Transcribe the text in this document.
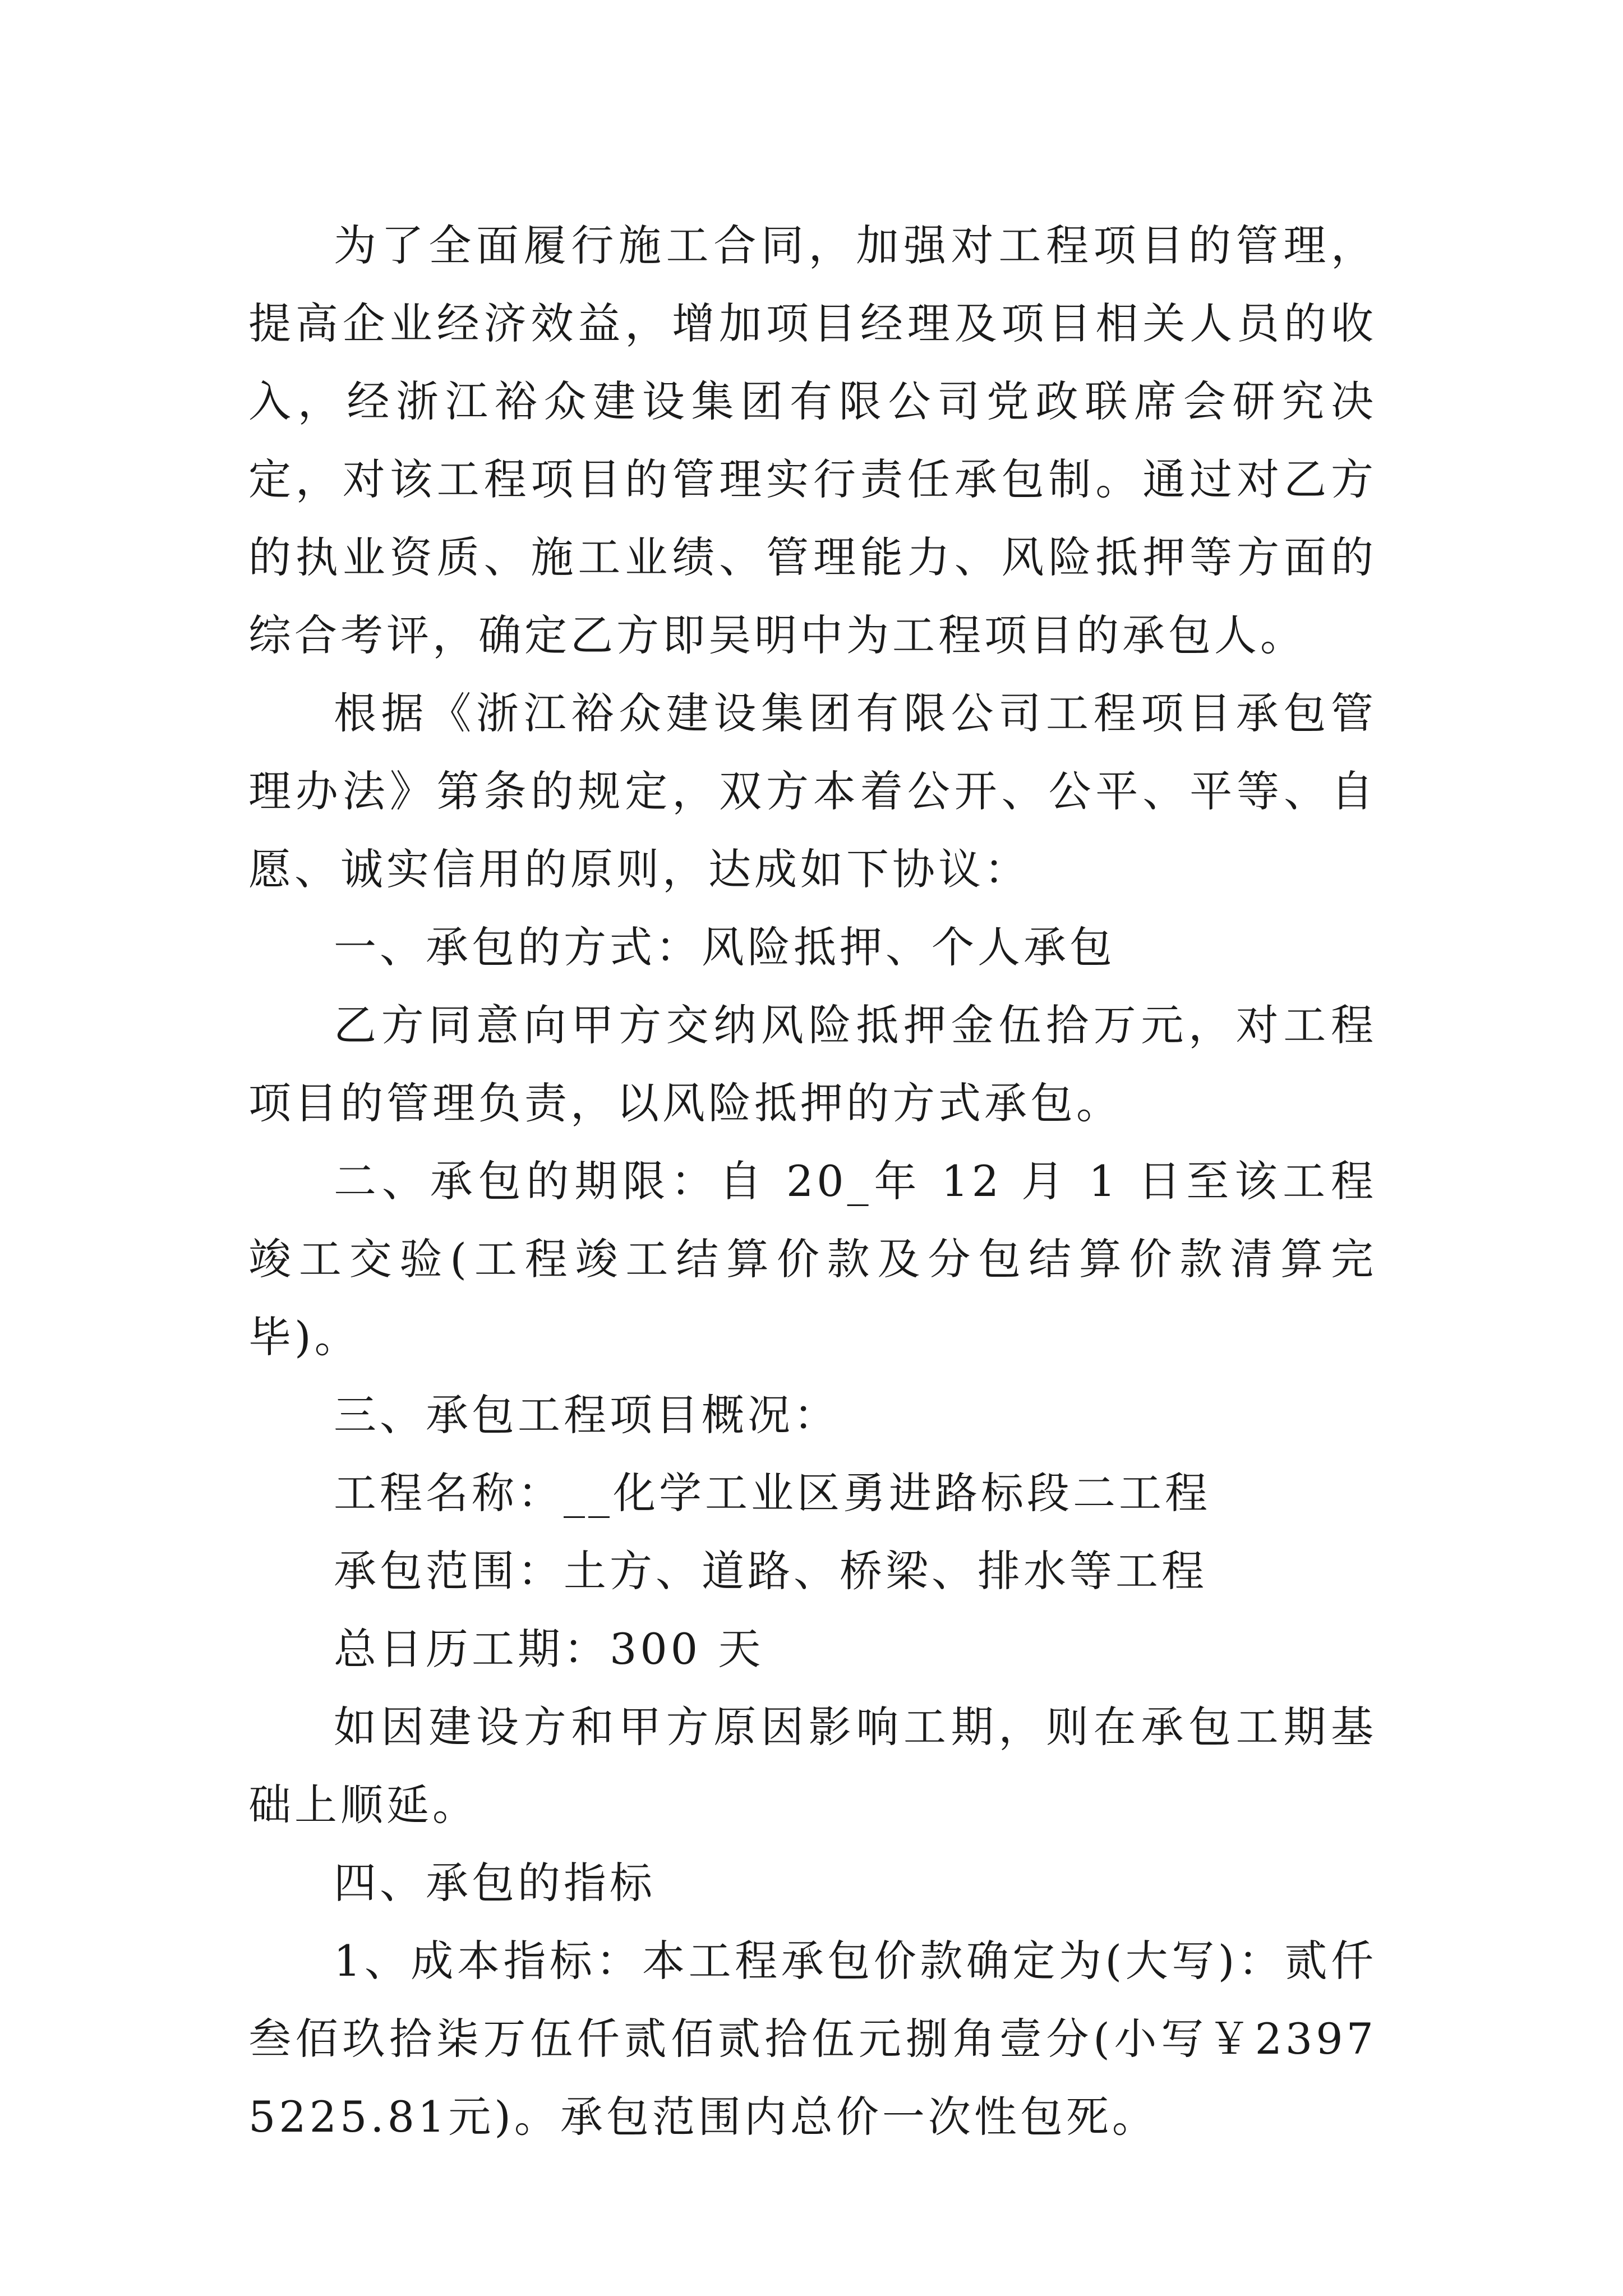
为了全面履行施工合同，加强对工程项目的管理，提高企业经济效益，增加项目经理及项目相关人员的收入，经浙江裕众建设集团有限公司党政联席会研究决定，对该工程项目的管理实行责任承包制。通过对乙方的执业资质、施工业绩、管理能力、风险抵押等方面的综合考评，确定乙方即吴明中为工程项目的承包人。

根据《浙江裕众建设集团有限公司工程项目承包管理办法》第条的规定，双方本着公开、公平、平等、自愿、诚实信用的原则，达成如下协议：

一、承包的方式：风险抵押、个人承包

乙方同意向甲方交纳风险抵押金伍拾万元，对工程项目的管理负责，以风险抵押的方式承包。

二、承包的期限：自 20_年 12 月 1 日至该工程竣工交验(工程竣工结算价款及分包结算价款清算完毕)。

三、承包工程项目概况：

工程名称：__化学工业区勇进路标段二工程

承包范围：土方、道路、桥梁、排水等工程

总日历工期：300 天

如因建设方和甲方原因影响工期，则在承包工期基础上顺延。

四、承包的指标

1、成本指标：本工程承包价款确定为(大写)：贰仟叁佰玖拾柒万伍仟贰佰贰拾伍元捌角壹分(小写￥23975225.81元)。承包范围内总价一次性包死。
